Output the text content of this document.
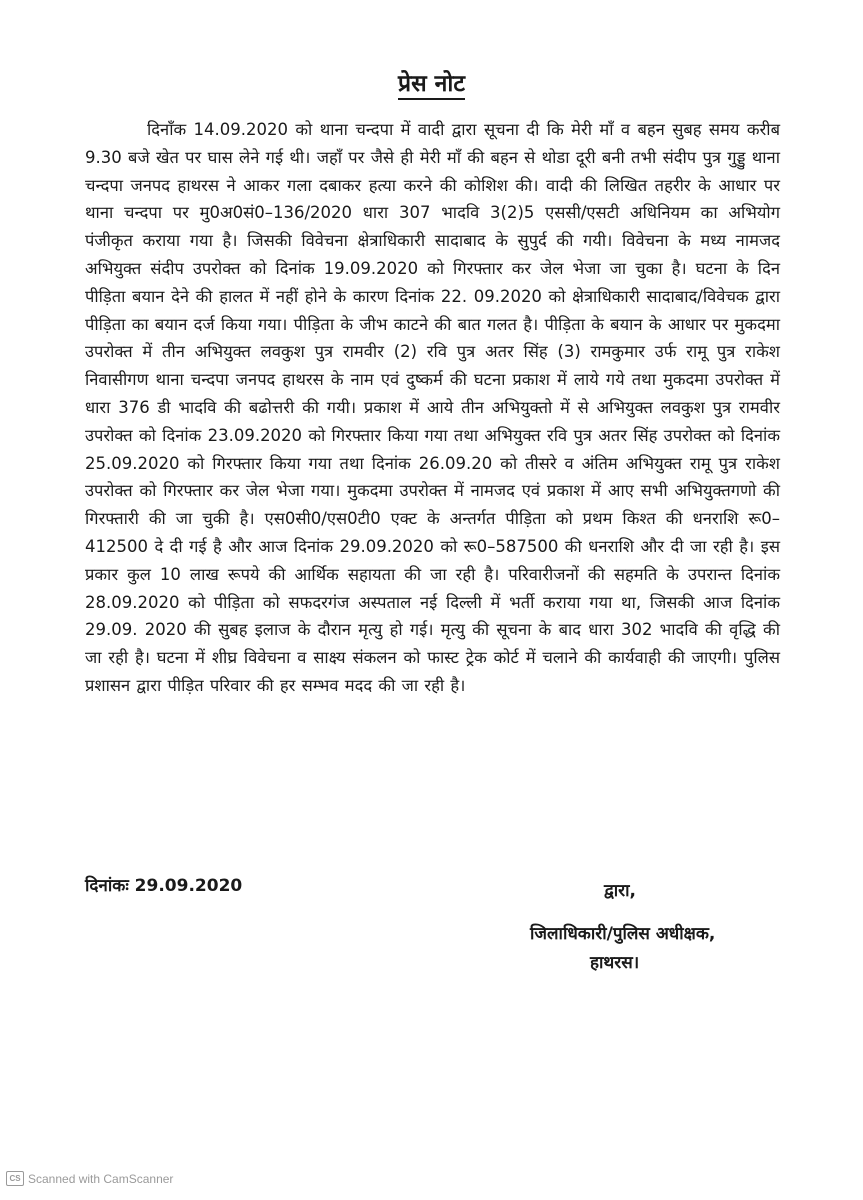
प्रेस नोट
दिनाँक 14.09.2020 को थाना चन्दपा में वादी द्वारा सूचना दी कि मेरी माँ व बहन सुबह समय करीब 9.30 बजे खेत पर घास लेने गई थी। जहाँ पर जैसे ही मेरी माँ की बहन से थोडा दूरी बनी तभी संदीप पुत्र गुड्डु थाना चन्दपा जनपद हाथरस ने आकर गला दबाकर हत्या करने की कोशिश की। वादी की लिखित तहरीर के आधार पर थाना चन्दपा पर मु0अ0सं0–136/2020 धारा 307 भादवि 3(2)5 एससी/एसटी अधिनियम का अभियोग पंजीकृत कराया गया है। जिसकी विवेचना क्षेत्राधिकारी सादाबाद के सुपुर्द की गयी। विवेचना के मध्य नामजद अभियुक्त संदीप उपरोक्त को दिनांक 19.09.2020 को गिरफ्तार कर जेल भेजा जा चुका है। घटना के दिन पीड़िता बयान देने की हालत में नहीं होने के कारण दिनांक 22. 09.2020 को क्षेत्राधिकारी सादाबाद/विवेचक द्वारा पीड़िता का बयान दर्ज किया गया। पीड़िता के जीभ काटने की बात गलत है। पीड़िता के बयान के आधार पर मुकदमा उपरोक्त में तीन अभियुक्त लवकुश पुत्र रामवीर (2) रवि पुत्र अतर सिंह (3) रामकुमार उर्फ रामू पुत्र राकेश निवासीगण थाना चन्दपा जनपद हाथरस के नाम एवं दुष्कर्म की घटना प्रकाश में लाये गये तथा मुकदमा उपरोक्त में धारा 376 डी भादवि की बढोत्तरी की गयी। प्रकाश में आये तीन अभियुक्तो में से अभियुक्त लवकुश पुत्र रामवीर उपरोक्त को दिनांक 23.09.2020 को गिरफ्तार किया गया तथा अभियुक्त रवि पुत्र अतर सिंह उपरोक्त को दिनांक 25.09.2020 को गिरफ्तार किया गया तथा दिनांक 26.09.20 को तीसरे व अंतिम अभियुक्त रामू पुत्र राकेश उपरोक्त को गिरफ्तार कर जेल भेजा गया। मुकदमा उपरोक्त में नामजद एवं प्रकाश में आए सभी अभियुक्तगणो की गिरफ्तारी की जा चुकी है। एस0सी0/एस0टी0 एक्ट के अन्तर्गत पीड़िता को प्रथम किश्त की धनराशि रू0–412500 दे दी गई है और आज दिनांक 29.09.2020 को रू0–587500 की धनराशि और दी जा रही है। इस प्रकार कुल 10 लाख रूपये की आर्थिक सहायता की जा रही है। परिवारीजनों की सहमति के उपरान्त दिनांक 28.09.2020 को पीड़िता को सफदरगंज अस्पताल नई दिल्ली में भर्ती कराया गया था, जिसकी आज दिनांक 29.09. 2020 की सुबह इलाज के दौरान मृत्यु हो गई। मृत्यु की सूचना के बाद धारा 302 भादवि की वृद्धि की जा रही है। घटना में शीघ्र विवेचना व साक्ष्य संकलन को फास्ट ट्रेक कोर्ट में चलाने की कार्यवाही की जाएगी। पुलिस प्रशासन द्वारा पीड़ित परिवार की हर सम्भव मदद की जा रही है।
दिनांकः 29.09.2020	द्वारा,
जिलाधिकारी/पुलिस अधीक्षक,
हाथरस।
CS Scanned with CamScanner
